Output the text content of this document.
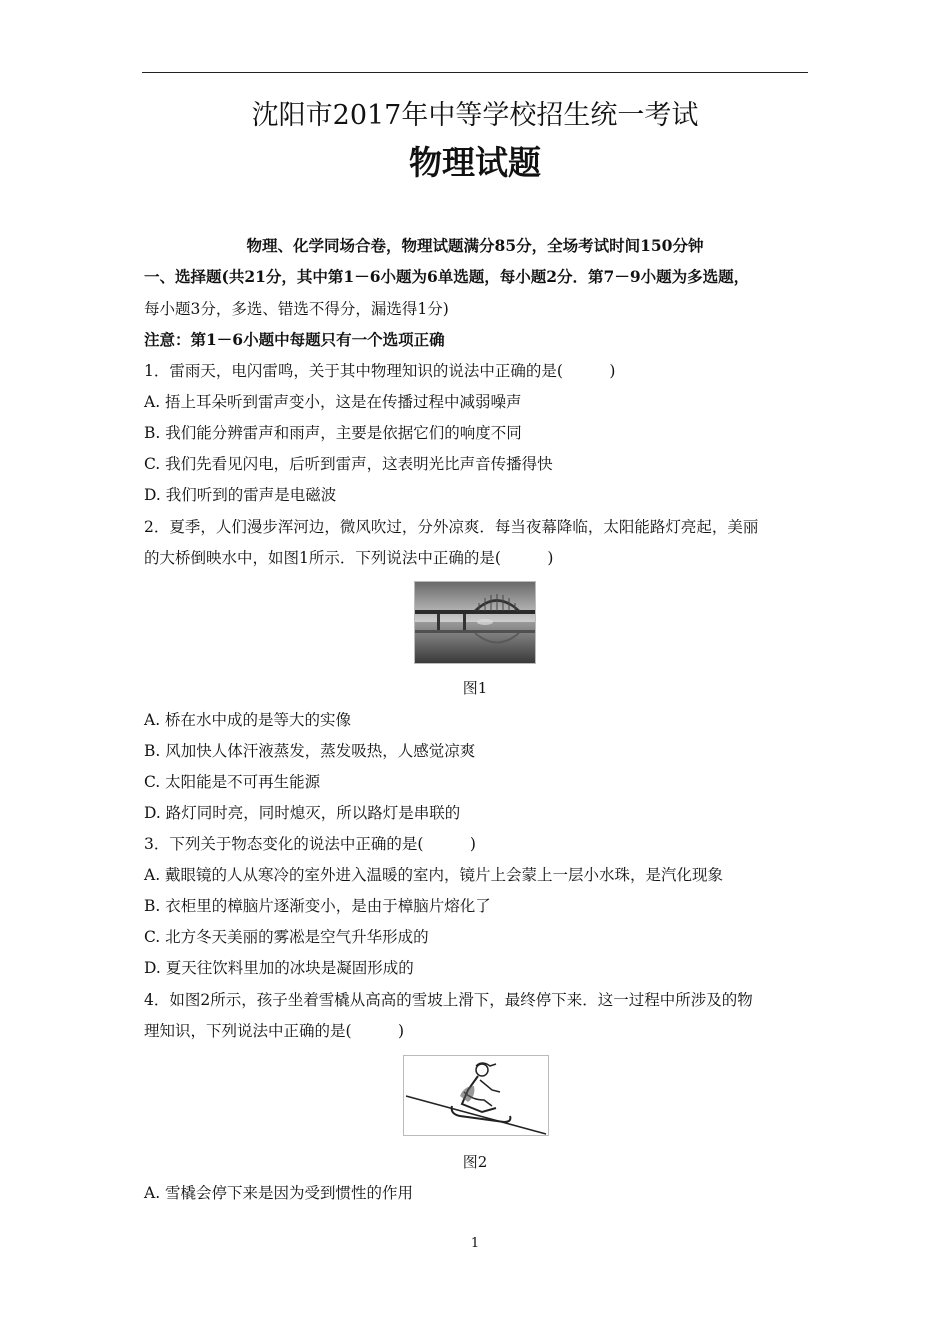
沈阳市2017年中等学校招生统一考试
物理试题
物理、化学同场合卷，物理试题满分85分，全场考试时间150分钟
一、选择题(共21分，其中第1－6小题为6单选题，每小题2分．第7－9小题为多选题，
每小题3分，多选、错选不得分，漏选得1分)
注意：第1－6小题中每题只有一个选项正确
1．雷雨天，电闪雷鸣，关于其中物理知识的说法中正确的是(　　　)
A. 捂上耳朵听到雷声变小，这是在传播过程中减弱噪声
B. 我们能分辨雷声和雨声，主要是依据它们的响度不同
C. 我们先看见闪电，后听到雷声，这表明光比声音传播得快
D. 我们听到的雷声是电磁波
2．夏季，人们漫步浑河边，微风吹过，分外凉爽．每当夜幕降临，太阳能路灯亮起，美丽
的大桥倒映水中，如图1所示．下列说法中正确的是(　　　)
图1
A. 桥在水中成的是等大的实像
B. 风加快人体汗液蒸发，蒸发吸热，人感觉凉爽
C. 太阳能是不可再生能源
D. 路灯同时亮，同时熄灭，所以路灯是串联的
3．下列关于物态变化的说法中正确的是(　　　)
A. 戴眼镜的人从寒冷的室外进入温暖的室内，镜片上会蒙上一层小水珠，是汽化现象
B. 衣柜里的樟脑片逐渐变小，是由于樟脑片熔化了
C. 北方冬天美丽的雾凇是空气升华形成的
D. 夏天往饮料里加的冰块是凝固形成的
4．如图2所示，孩子坐着雪橇从高高的雪坡上滑下，最终停下来．这一过程中所涉及的物
理知识，下列说法中正确的是(　　　)
图2
A. 雪橇会停下来是因为受到惯性的作用
1
